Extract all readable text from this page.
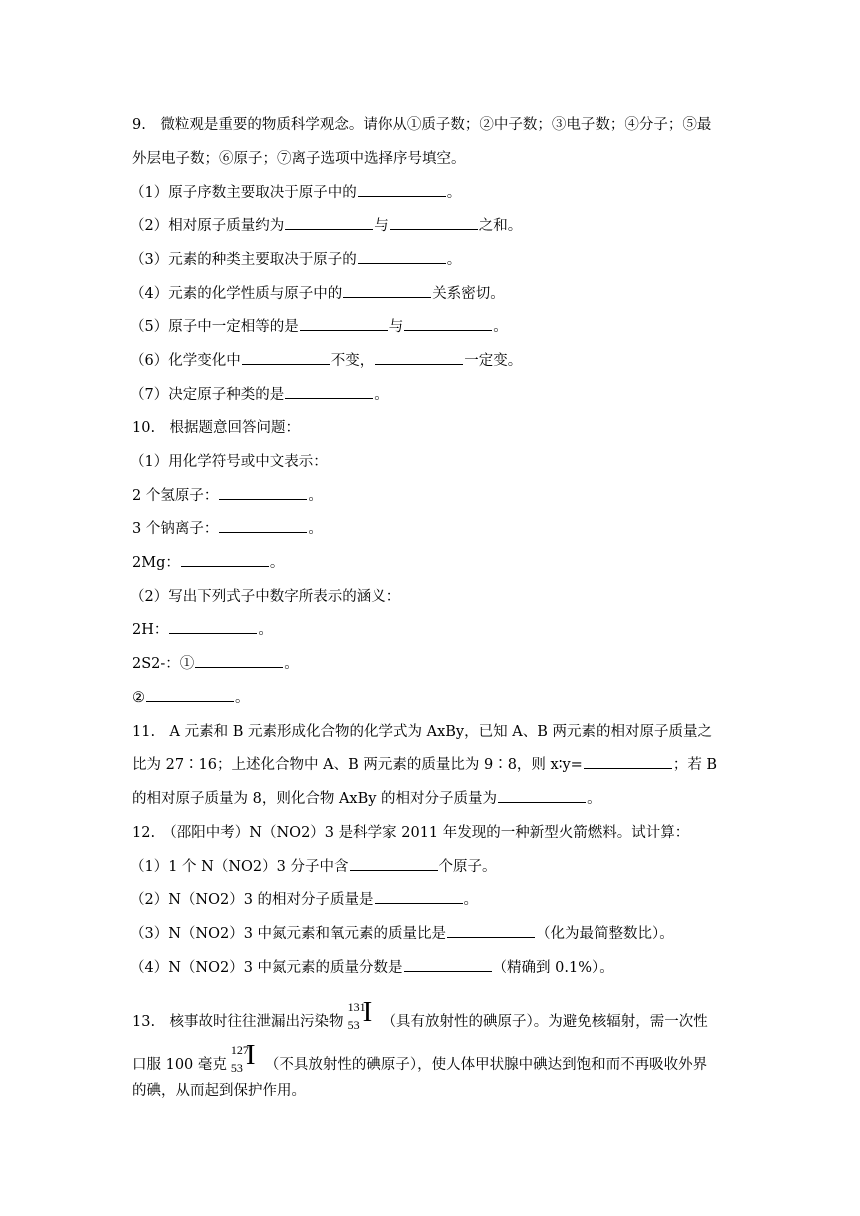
9.　微粒观是重要的物质科学观念。请你从①质子数；②中子数；③电子数；④分子；⑤最
外层电子数；⑥原子；⑦离子选项中选择序号填空。
（1）原子序数主要取决于原子中的	。
（2）相对原子质量约为	与	之和。
（3）元素的种类主要取决于原子的	。
（4）元素的化学性质与原子中的	关系密切。
（5）原子中一定相等的是	与	。
（6）化学变化中	不变，	一定变。
（7）决定原子种类的是	。
10.　根据题意回答问题：
（1）用化学符号或中文表示：
2 个氢原子：	。
3 个钠离子：	。
2Mg：	。
（2）写出下列式子中数字所表示的涵义：
2H：	。
2S2-：①	。
②	。
11.　A 元素和 B 元素形成化合物的化学式为 AxBy，已知 A、B 两元素的相对原子质量之
比为 27∶16；上述化合物中 A、B 两元素的质量比为 9∶8，则 x∶y=	；若 B
的相对原子质量为 8，则化合物 AxBy 的相对分子质量为	。
12.　（邵阳中考）N（NO2）3 是科学家 2011 年发现的一种新型火箭燃料。试计算：
（1）1 个 N（NO2）3 分子中含	个原子。
（2）N（NO2）3 的相对分子质量是	。
（3）N（NO2）3 中氮元素和氧元素的质量比是	（化为最简整数比）。
（4）N（NO2）3 中氮元素的质量分数是	（精确到 0.1%）。
13.　核事故时往往泄漏出污染物
131
53 I （具有放射性的碘原子）。为避免核辐射，需一次性
口服 100 毫克
127
53 I （不具放射性的碘原子），使人体甲状腺中碘达到饱和而不再吸收外界
的碘，从而起到保护作用。
